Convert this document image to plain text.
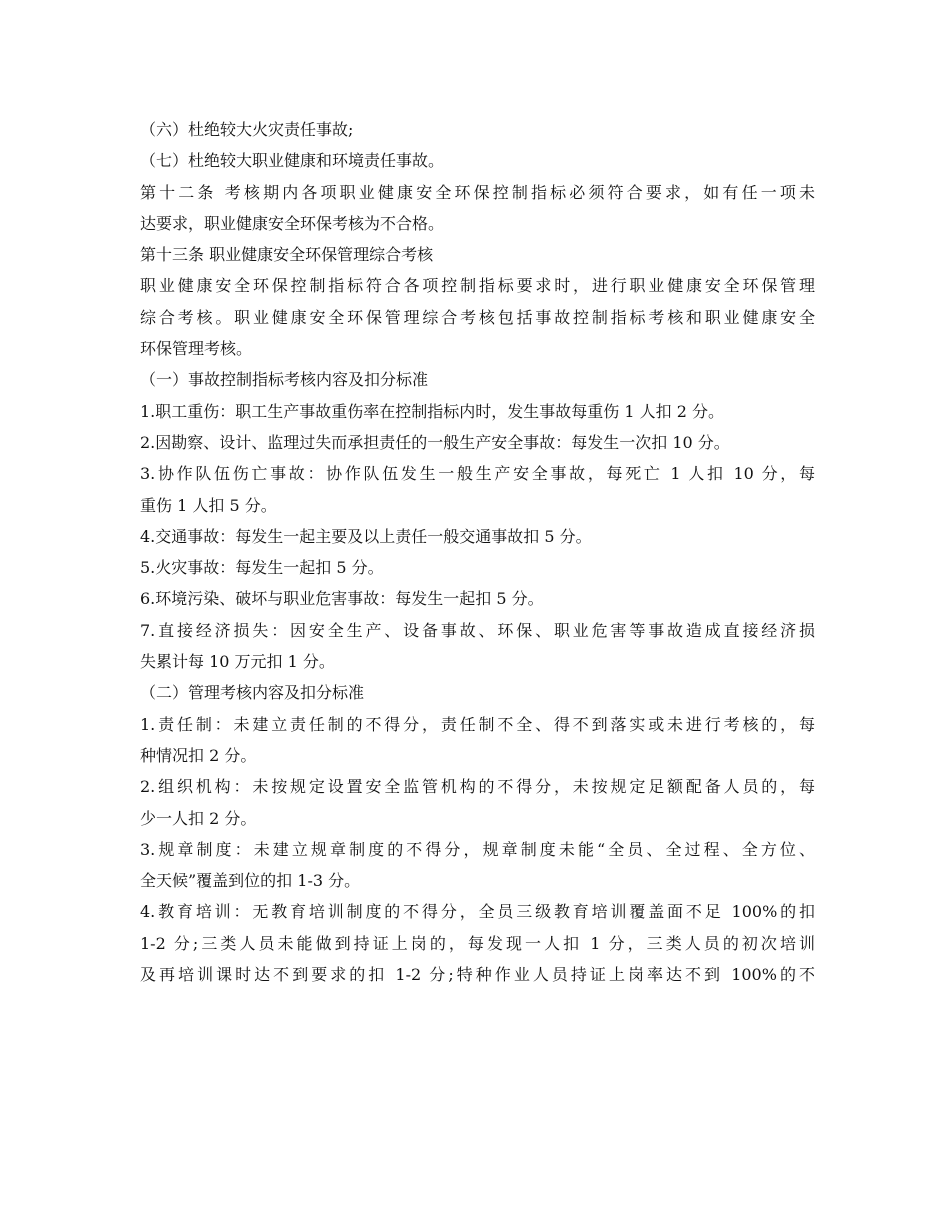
（六）杜绝较大火灾责任事故;
（七）杜绝较大职业健康和环境责任事故。
第十二条 考核期内各项职业健康安全环保控制指标必须符合要求，如有任一项未
达要求，职业健康安全环保考核为不合格。
第十三条 职业健康安全环保管理综合考核
职业健康安全环保控制指标符合各项控制指标要求时，进行职业健康安全环保管理
综合考核。职业健康安全环保管理综合考核包括事故控制指标考核和职业健康安全
环保管理考核。
（一）事故控制指标考核内容及扣分标准
1.职工重伤：职工生产事故重伤率在控制指标内时，发生事故每重伤 1 人扣 2 分。
2.因勘察、设计、监理过失而承担责任的一般生产安全事故：每发生一次扣 10 分。
3.协作队伍伤亡事故：协作队伍发生一般生产安全事故，每死亡 1 人扣 10 分，每
重伤 1 人扣 5 分。
4.交通事故：每发生一起主要及以上责任一般交通事故扣 5 分。
5.火灾事故：每发生一起扣 5 分。
6.环境污染、破坏与职业危害事故：每发生一起扣 5 分。
7.直接经济损失：因安全生产、设备事故、环保、职业危害等事故造成直接经济损
失累计每 10 万元扣 1 分。
（二）管理考核内容及扣分标准
1.责任制：未建立责任制的不得分，责任制不全、得不到落实或未进行考核的，每
种情况扣 2 分。
2.组织机构：未按规定设置安全监管机构的不得分，未按规定足额配备人员的，每
少一人扣 2 分。
3.规章制度：未建立规章制度的不得分，规章制度未能“全员、全过程、全方位、
全天候”覆盖到位的扣 1-3 分。
4.教育培训：无教育培训制度的不得分，全员三级教育培训覆盖面不足 100%的扣
1-2 分;三类人员未能做到持证上岗的，每发现一人扣 1 分，三类人员的初次培训
及再培训课时达不到要求的扣 1-2 分;特种作业人员持证上岗率达不到 100%的不
